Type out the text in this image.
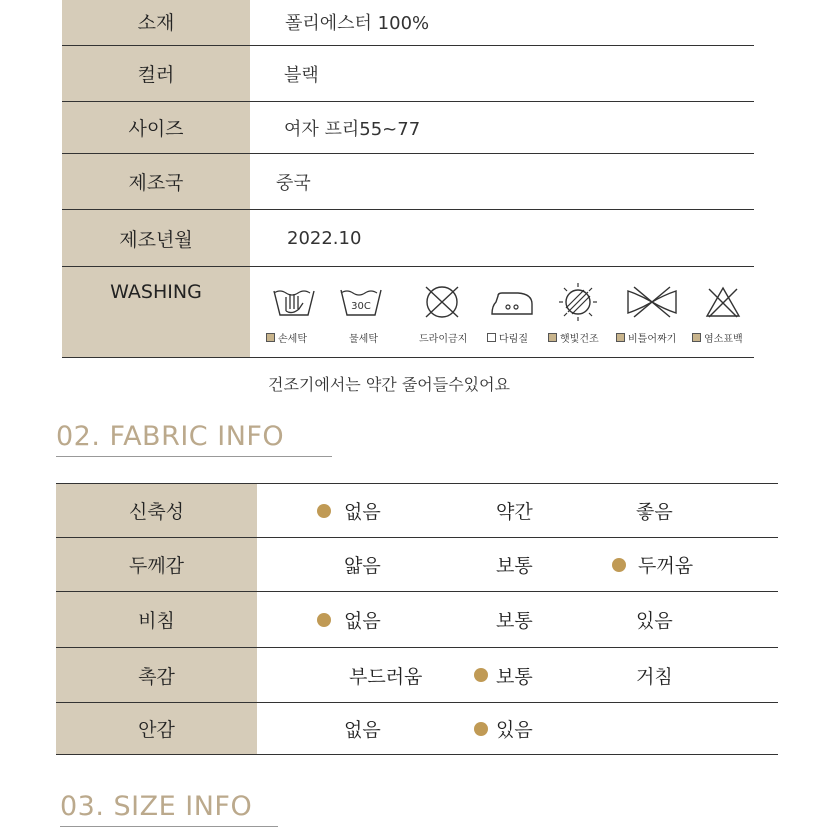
소재	폴리에스터 100%
컬러	블랙
사이즈	여자 프리55~77
제조국	중국
제조년월	2022.10
WASHING
손세탁
30C
물세탁	드라이금지	다림질	햇빛건조	비틀어짜기	염소표백
건조기에서는 약간 줄어들수있어요
02. FABRIC INFO
신축성	없음	약간	좋음
두께감	얇음	보통	두꺼움
비침	없음	보통	있음
촉감	부드러움	보통	거침
안감	없음	있음
03. SIZE INFO
